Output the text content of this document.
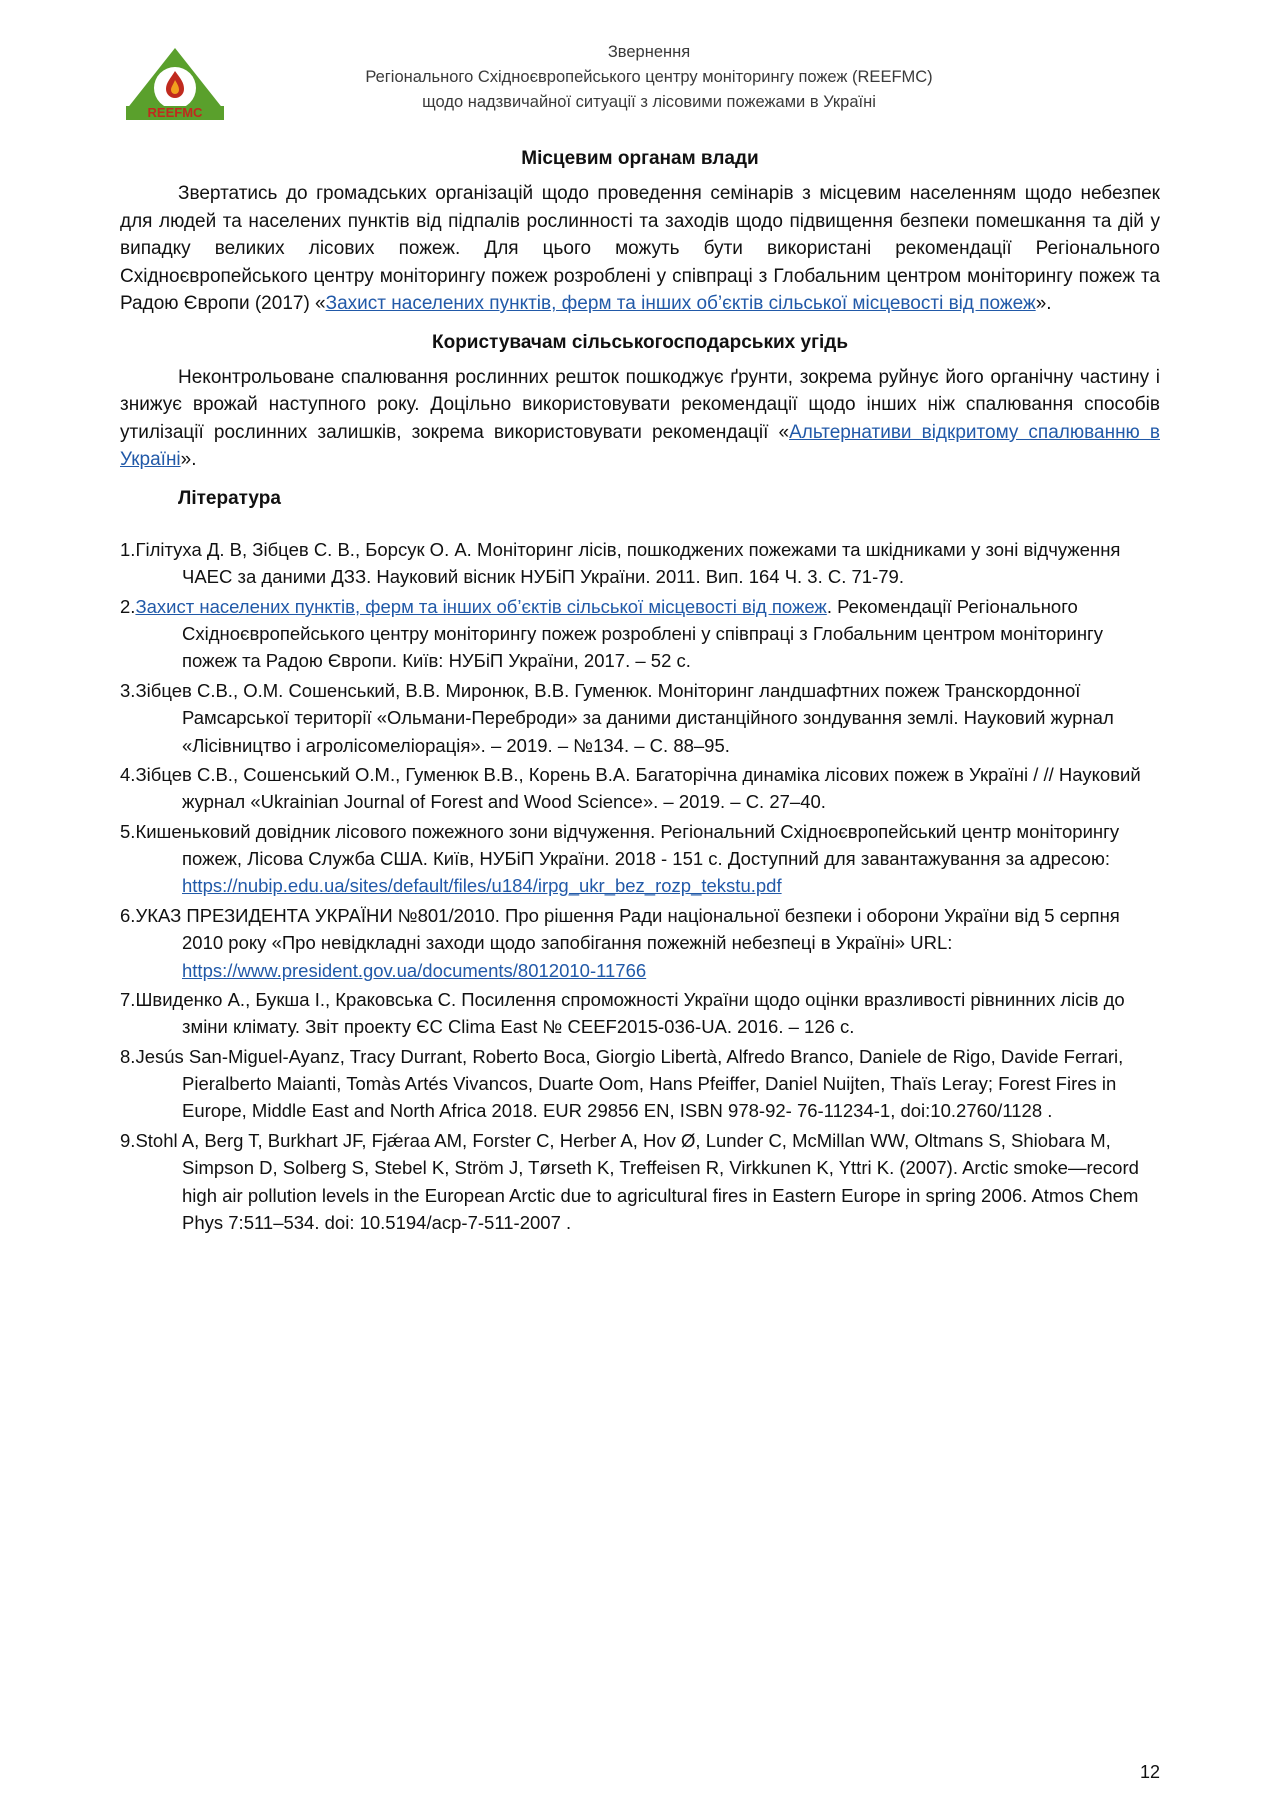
REEFMC
Звернення
Регіонального Східноєвропейського центру моніторингу пожеж (REEFMC)
щодо надзвичайної ситуації з лісовими пожежами в Україні
Місцевим органам влади

Звертатись до громадських організацій щодо проведення семінарів з місцевим населенням щодо небезпек для людей та населених пунктів від підпалів рослинності та заходів щодо підвищення безпеки помешкання та дій у випадку великих лісових пожеж. Для цього можуть бути використані рекомендації Регіонального Східноєвропейського центру моніторингу пожеж розроблені у співпраці з Глобальним центром моніторингу пожеж та Радою Європи (2017) «Захист населених пунктів, ферм та інших об’єктів сільської місцевості від пожеж».

Користувачам сільськогосподарських угідь

Неконтрольоване спалювання рослинних решток пошкоджує ґрунти, зокрема руйнує його органічну частину і знижує врожай наступного року. Доцільно використовувати рекомендації щодо інших ніж спалювання способів утилізації рослинних залишків, зокрема використовувати рекомендації «Альтернативи відкритому спалюванню в Україні».

Література
1.Гілітуха Д. В, Зібцев С. В., Борсук О. А. Моніторинг лісів, пошкоджених пожежами та шкідниками у зоні відчуження ЧАЕС за даними ДЗЗ. Науковий вісник НУБіП України. 2011. Вип. 164 Ч. 3. С. 71-79.
2.Захист населених пунктів, ферм та інших об’єктів сільської місцевості від пожеж. Рекомендації Регіонального Східноєвропейського центру моніторингу пожеж розроблені у співпраці з Глобальним центром моніторингу пожеж та Радою Європи. Київ: НУБіП України, 2017. – 52 с.
3.Зібцев С.В., О.М. Сошенський, В.В. Миронюк, В.В. Гуменюк. Моніторинг ландшафтних пожеж Транскордонної Рамсарської території «Ольмани-Переброди» за даними дистанційного зондування землі. Науковий журнал «Лісівництво і агролісомеліорація». – 2019. – №134. – С. 88–95.
4.Зібцев С.В., Сошенський О.М., Гуменюк В.В., Корень В.А. Багаторічна динаміка лісових пожеж в Україні / // Науковий журнал «Ukrainian Journal of Forest and Wood Science». – 2019. – С. 27–40.
5.Кишеньковий довідник лісового пожежного зони відчуження. Регіональний Східноєвропейський центр моніторингу пожеж, Лісова Служба США. Київ, НУБіП України. 2018 - 151 с. Доступний для завантажування за адресою:
https://nubip.edu.ua/sites/default/files/u184/irpg_ukr_bez_rozp_tekstu.pdf
6.УКАЗ ПРЕЗИДЕНТА УКРАЇНИ №801/2010. Про рішення Ради національної безпеки і оборони України від 5 серпня 2010 року «Про невідкладні заходи щодо запобігання пожежній небезпеці в Україні» URL: https://www.president.gov.ua/documents/8012010-11766
7.Швиденко А., Букша І., Краковська С. Посилення спроможності України щодо оцінки вразливості рівнинних лісів до зміни клімату. Звіт проекту ЄС Clima East № CEEF2015-036-UA. 2016. – 126 с.
8.Jesús San-Miguel-Ayanz, Tracy Durrant, Roberto Boca, Giorgio Libertà, Alfredo Branco, Daniele de Rigo, Davide Ferrari, Pieralberto Maianti, Tomàs Artés Vivancos, Duarte Oom, Hans Pfeiffer, Daniel Nuijten, Thaïs Leray; Forest Fires in Europe, Middle East and North Africa 2018. EUR 29856 EN, ISBN 978-92- 76-11234-1, doi:10.2760/1128 .
9.Stohl A, Berg T, Burkhart JF, Fjǽraa AM, Forster C, Herber A, Hov Ø, Lunder C, McMillan WW, Oltmans S, Shiobara M, Simpson D, Solberg S, Stebel K, Ström J, Tørseth K, Treffeisen R, Virkkunen K, Yttri K. (2007). Arctic smoke—record high air pollution levels in the European Arctic due to agricultural fires in Eastern Europe in spring 2006. Atmos Chem Phys 7:511–534. doi: 10.5194/acp-7-511-2007 .
12
